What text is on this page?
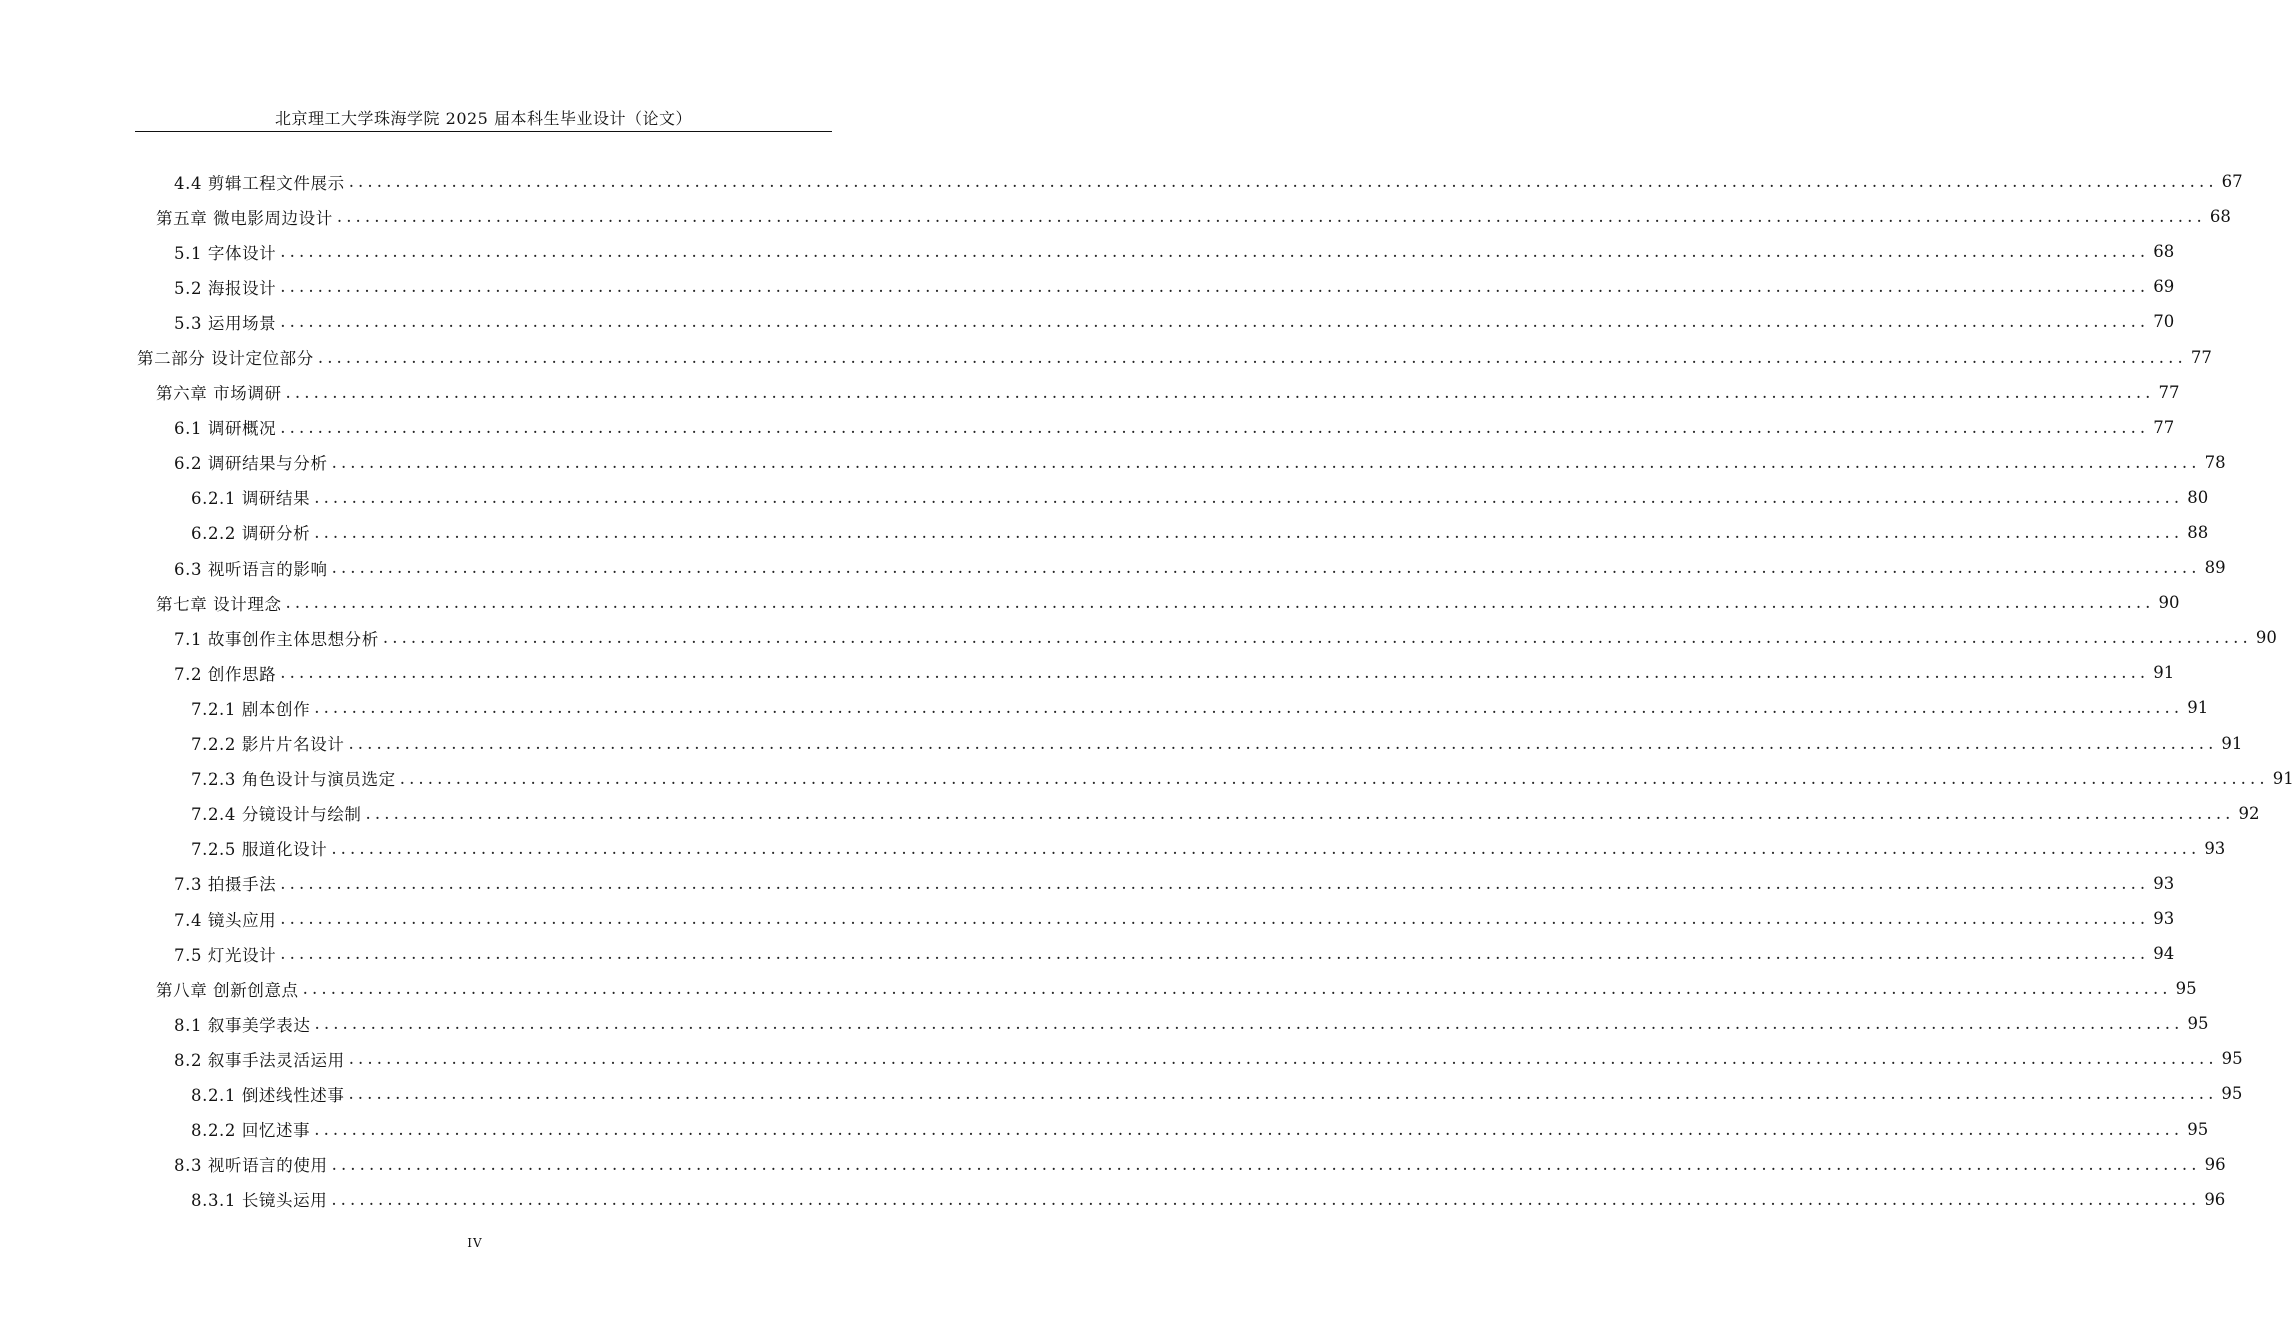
北京理工大学珠海学院 2025 届本科生毕业设计（论文）
4.4 剪辑工程文件展示 ........................................................................................................................................................................................................ 67
第五章 微电影周边设计 ........................................................................................................................................................................................................ 68
5.1 字体设计 ........................................................................................................................................................................................................ 68
5.2 海报设计 ........................................................................................................................................................................................................ 69
5.3 运用场景 ........................................................................................................................................................................................................ 70
第二部分 设计定位部分 ........................................................................................................................................................................................................ 77
第六章 市场调研 ........................................................................................................................................................................................................ 77
6.1 调研概况 ........................................................................................................................................................................................................ 77
6.2 调研结果与分析 ........................................................................................................................................................................................................ 78
6.2.1 调研结果 ........................................................................................................................................................................................................ 80
6.2.2 调研分析 ........................................................................................................................................................................................................ 88
6.3 视听语言的影响 ........................................................................................................................................................................................................ 89
第七章 设计理念 ........................................................................................................................................................................................................ 90
7.1 故事创作主体思想分析 ........................................................................................................................................................................................................ 90
7.2 创作思路 ........................................................................................................................................................................................................ 91
7.2.1 剧本创作 ........................................................................................................................................................................................................ 91
7.2.2 影片片名设计 ........................................................................................................................................................................................................ 91
7.2.3 角色设计与演员选定 ........................................................................................................................................................................................................ 91
7.2.4 分镜设计与绘制 ........................................................................................................................................................................................................ 92
7.2.5 服道化设计 ........................................................................................................................................................................................................ 93
7.3 拍摄手法 ........................................................................................................................................................................................................ 93
7.4 镜头应用 ........................................................................................................................................................................................................ 93
7.5 灯光设计 ........................................................................................................................................................................................................ 94
第八章 创新创意点 ........................................................................................................................................................................................................ 95
8.1 叙事美学表达 ........................................................................................................................................................................................................ 95
8.2 叙事手法灵活运用 ........................................................................................................................................................................................................ 95
8.2.1 倒述线性述事 ........................................................................................................................................................................................................ 95
8.2.2 回忆述事 ........................................................................................................................................................................................................ 95
8.3 视听语言的使用 ........................................................................................................................................................................................................ 96
8.3.1 长镜头运用 ........................................................................................................................................................................................................ 96
IV
